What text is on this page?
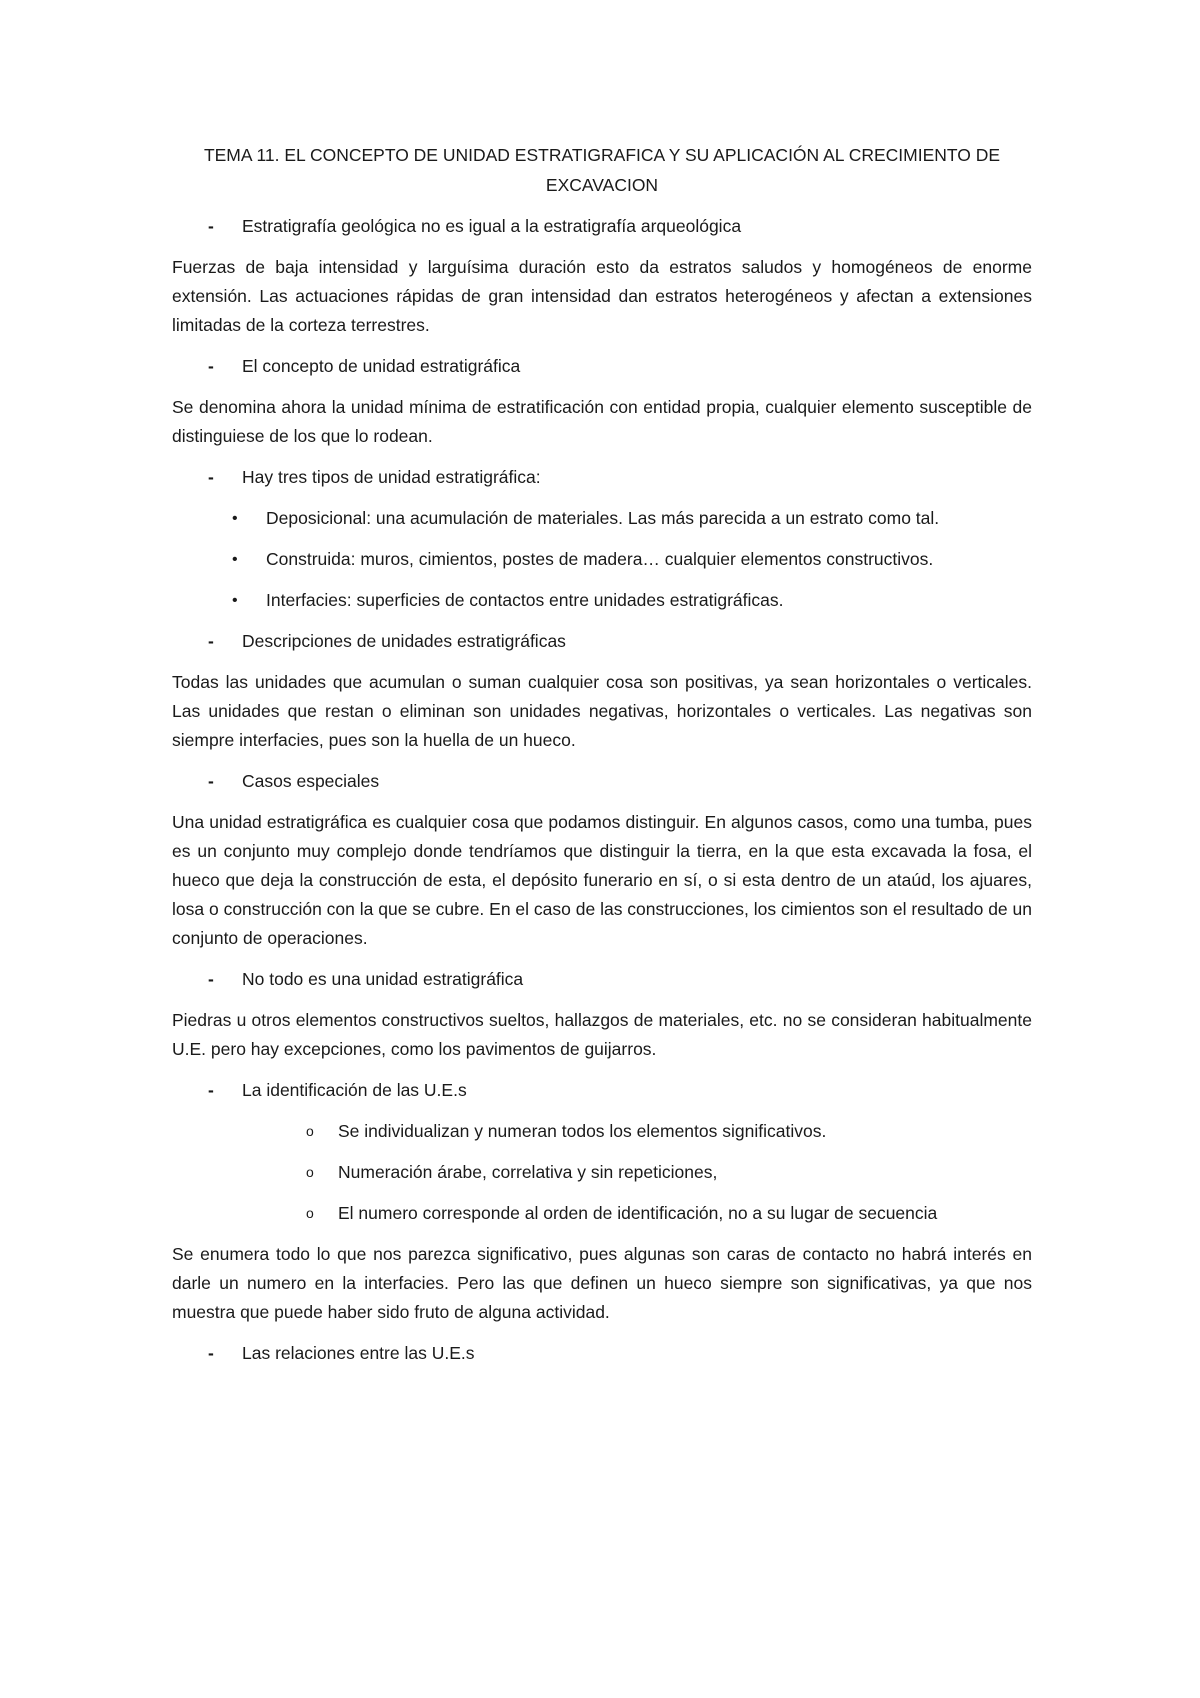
TEMA 11. EL CONCEPTO DE UNIDAD ESTRATIGRAFICA Y SU APLICACIÓN AL CRECIMIENTO DE EXCAVACION

- Estratigrafía geológica no es igual a la estratigrafía arqueológica

Fuerzas de baja intensidad y larguísima duración esto da estratos saludos y homogéneos de enorme extensión. Las actuaciones rápidas de gran intensidad dan estratos heterogéneos y afectan a extensiones limitadas de la corteza terrestres.

- El concepto de unidad estratigráfica

Se denomina ahora la unidad mínima de estratificación con entidad propia, cualquier elemento susceptible de distinguiese de los que lo rodean.

- Hay tres tipos de unidad estratigráfica:
• Deposicional: una acumulación de materiales. Las más parecida a un estrato como tal.
• Construida: muros, cimientos, postes de madera… cualquier elementos constructivos.
• Interfacies: superficies de contactos entre unidades estratigráficas.
- Descripciones de unidades estratigráficas

Todas las unidades que acumulan o suman cualquier cosa son positivas, ya sean horizontales o verticales. Las unidades que restan o eliminan son unidades negativas, horizontales o verticales. Las negativas son siempre interfacies, pues son la huella de un hueco.

- Casos especiales

Una unidad estratigráfica es cualquier cosa que podamos distinguir. En algunos casos, como una tumba, pues es un conjunto muy complejo donde tendríamos que distinguir la tierra, en la que esta excavada la fosa, el hueco que deja la construcción de esta, el depósito funerario en sí, o si esta dentro de un ataúd, los ajuares, losa o construcción con la que se cubre. En el caso de las construcciones, los cimientos son el resultado de un conjunto de operaciones.

- No todo es una unidad estratigráfica

Piedras u otros elementos constructivos sueltos, hallazgos de materiales, etc. no se consideran habitualmente U.E. pero hay excepciones, como los pavimentos de guijarros.

- La identificación de las U.E.s
o Se individualizan y numeran todos los elementos significativos.
o Numeración árabe, correlativa y sin repeticiones,
o El numero corresponde al orden de identificación, no a su lugar de secuencia

Se enumera todo lo que nos parezca significativo, pues algunas son caras de contacto no habrá interés en darle un numero en la interfacies. Pero las que definen un hueco siempre son significativas, ya que nos muestra que puede haber sido fruto de alguna actividad.

- Las relaciones entre las U.E.s
